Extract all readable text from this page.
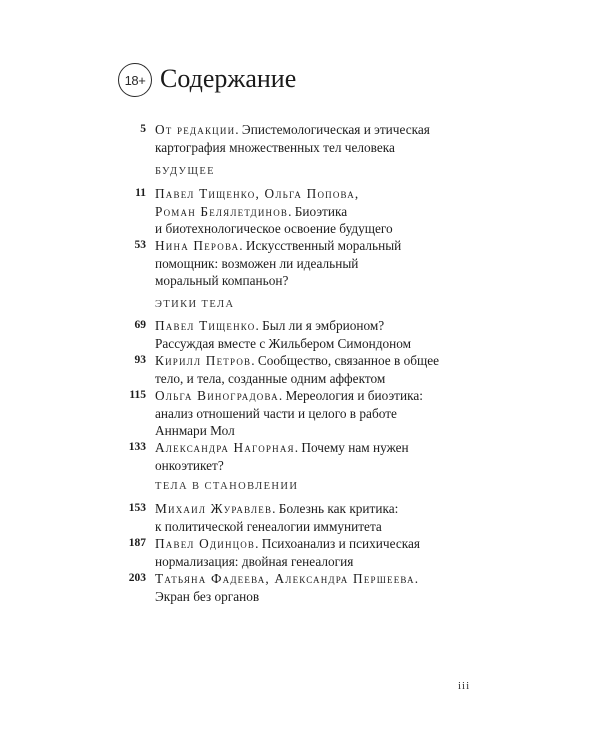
18+ Содержание
5 От редакции. Эпистемологическая и этическая
картография множественных тел человека
БУДУЩЕЕ
11 Павел Тищенко, Ольга Попова,
Роман Белялетдинов. Биоэтика
и биотехнологическое освоение будущего
53 Нина Перова. Искусственный моральный
помощник: возможен ли идеальный
моральный компаньон?
ЭТИКИ ТЕЛА
69 Павел Тищенко. Был ли я эмбрионом?
Рассуждая вместе с Жильбером Симондоном
93 Кирилл Петров. Сообщество, связанное в общее
тело, и тела, созданные одним аффектом
115 Ольга Виноградова. Мереология и биоэтика:
анализ отношений части и целого в работе
Аннмари Мол
133 Александра Нагорная. Почему нам нужен
онкоэтикет?
ТЕЛА В СТАНОВЛЕНИИ
153 Михаил Журавлев. Болезнь как критика:
к политической генеалогии иммунитета
187 Павел Одинцов. Психоанализ и психическая
нормализация: двойная генеалогия
203 Татьяна Фадеева, Александра Першеева.
Экран без органов
iii
